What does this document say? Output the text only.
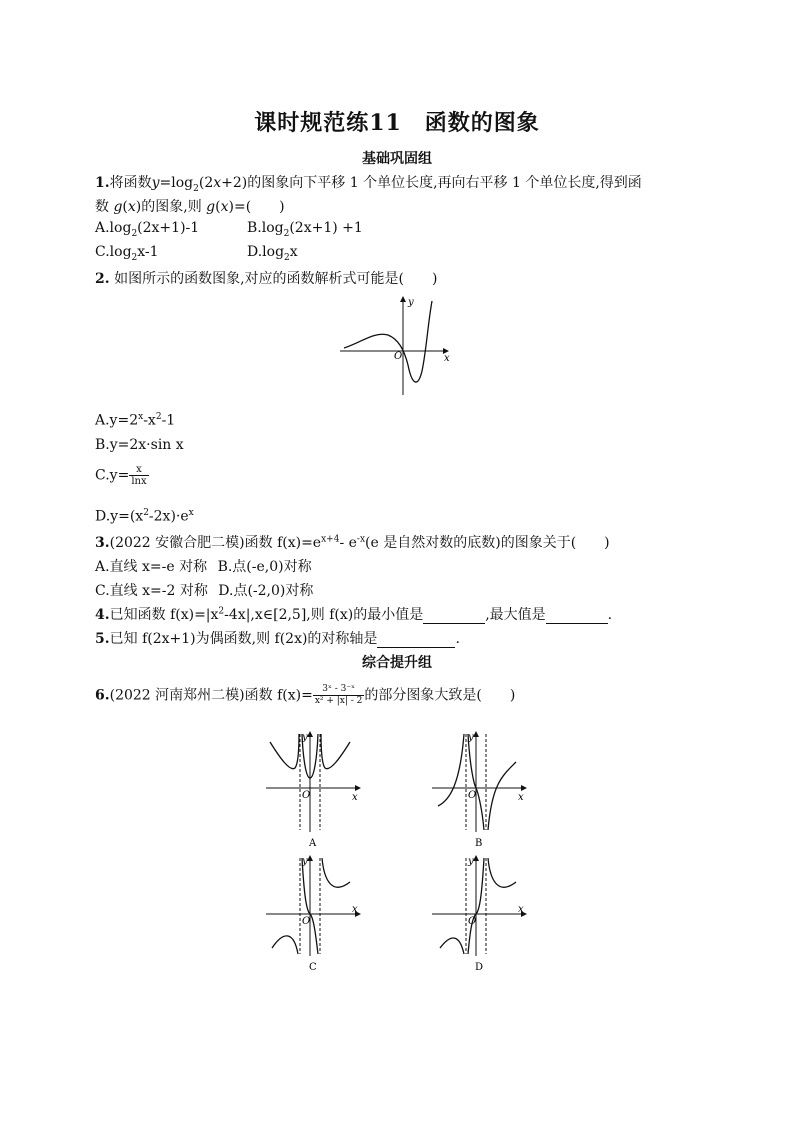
课时规范练11　函数的图象
基础巩固组
1.将函数$y=\log_2(2x+2)$的图象向下平移 1 个单位长度,再向右平移 1 个单位长度,得到函
数 g(x)的图象,则 g(x)=(　　)
$A.\log_2(2x+1)-1$	$B.\log_2(2x+1) +1$
$C.\log_2x-1$	$D.\log_2x$
2. 如图所示的函数图象,对应的函数解析式可能是(　　)
y
x
O
$A.y=2^x-x^2-1$
B.y=2x·sin x
$C.y= \frac{x}{\ln x}$
$D.y=(x^2-2x)\cdot e^x$
3.(2022 安徽合肥二模)函数 $f(x)=e^{x+4}-$ $e^{-x}(e$ 是自然对数的底数)的图象关于(　　)
A.直线 x=-e 对称 B.点(-e,0)对称
C.直线 x=-2 对称 D.点(-2,0)对称
4.已知函数 $f(x)=|x^2-4x|,x\in[2,5]$,则 f(x)的最小值是	,最大值是	.
5.已知 f(2x+1)为偶函数,则 f(2x)的对称轴是	.
综合提升组
6.(2022 河南郑州二模)函数 $f(x)= \frac{\text{3ˣ - 3⁻ˣ}}{\text{x² + |x| - 2}}$ 的部分图象大致是(　　)
y
x
O
A
y
x
O
B
y
x
O
C
y
x
O
D
